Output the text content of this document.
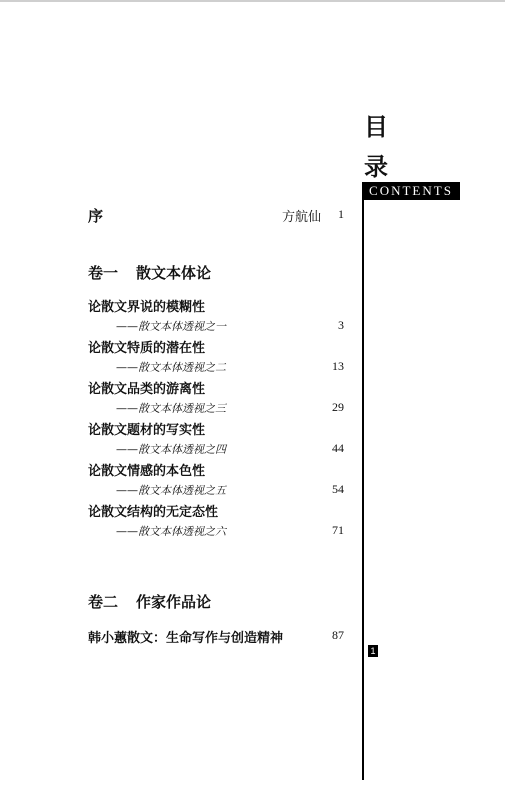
目
录
CONTENTS
1
序	方航仙	1
卷一 散文本体论
论散文界说的模糊性
——散文本体透视之一	3
论散文特质的潜在性
——散文本体透视之二	13
论散文品类的游离性
——散文本体透视之三	29
论散文题材的写实性
——散文本体透视之四	44
论散文情感的本色性
——散文本体透视之五	54
论散文结构的无定态性
——散文本体透视之六	71
卷二 作家作品论
韩小蕙散文：生命写作与创造精神	87
